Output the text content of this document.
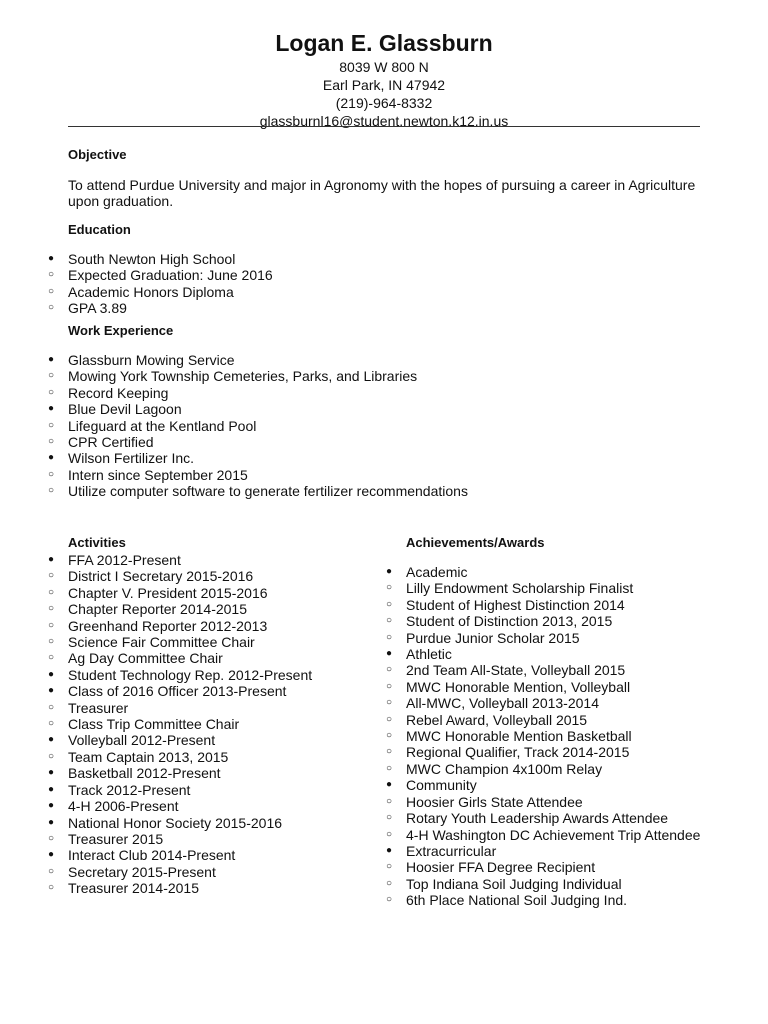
Logan E. Glassburn
8039 W 800 N
Earl Park, IN 47942
(219)-964-8332
glassburnl16@student.newton.k12.in.us
Objective
To attend Purdue University and major in Agronomy with the hopes of pursuing a career in Agriculture upon graduation.
Education
● South Newton High School
○ Expected Graduation: June 2016
○ Academic Honors Diploma
○ GPA 3.89
Work Experience
● Glassburn Mowing Service
○ Mowing York Township Cemeteries, Parks, and Libraries
○ Record Keeping
● Blue Devil Lagoon
○ Lifeguard at the Kentland Pool
○ CPR Certified
● Wilson Fertilizer Inc.
○ Intern since September 2015
○ Utilize computer software to generate fertilizer recommendations
Activities
● FFA 2012-Present
○ District I Secretary 2015-2016
○ Chapter V. President 2015-2016
○ Chapter Reporter 2014-2015
○ Greenhand Reporter 2012-2013
○ Science Fair Committee Chair
○ Ag Day Committee Chair
● Student Technology Rep. 2012-Present
● Class of 2016 Officer 2013-Present
○ Treasurer
○ Class Trip Committee Chair
● Volleyball 2012-Present
○ Team Captain 2013, 2015
● Basketball 2012-Present
● Track 2012-Present
● 4-H 2006-Present
● National Honor Society 2015-2016
○ Treasurer 2015
● Interact Club 2014-Present
○ Secretary 2015-Present
○ Treasurer 2014-2015
Achievements/Awards
● Academic
○ Lilly Endowment Scholarship Finalist
○ Student of Highest Distinction 2014
○ Student of Distinction 2013, 2015
○ Purdue Junior Scholar 2015
● Athletic
○ 2nd Team All-State, Volleyball 2015
○ MWC Honorable Mention, Volleyball
○ All-MWC, Volleyball 2013-2014
○ Rebel Award, Volleyball 2015
○ MWC Honorable Mention Basketball
○ Regional Qualifier, Track 2014-2015
○ MWC Champion 4x100m Relay
● Community
○ Hoosier Girls State Attendee
○ Rotary Youth Leadership Awards Attendee
○ 4-H Washington DC Achievement Trip Attendee
● Extracurricular
○ Hoosier FFA Degree Recipient
○ Top Indiana Soil Judging Individual
○ 6th Place National Soil Judging Ind.
